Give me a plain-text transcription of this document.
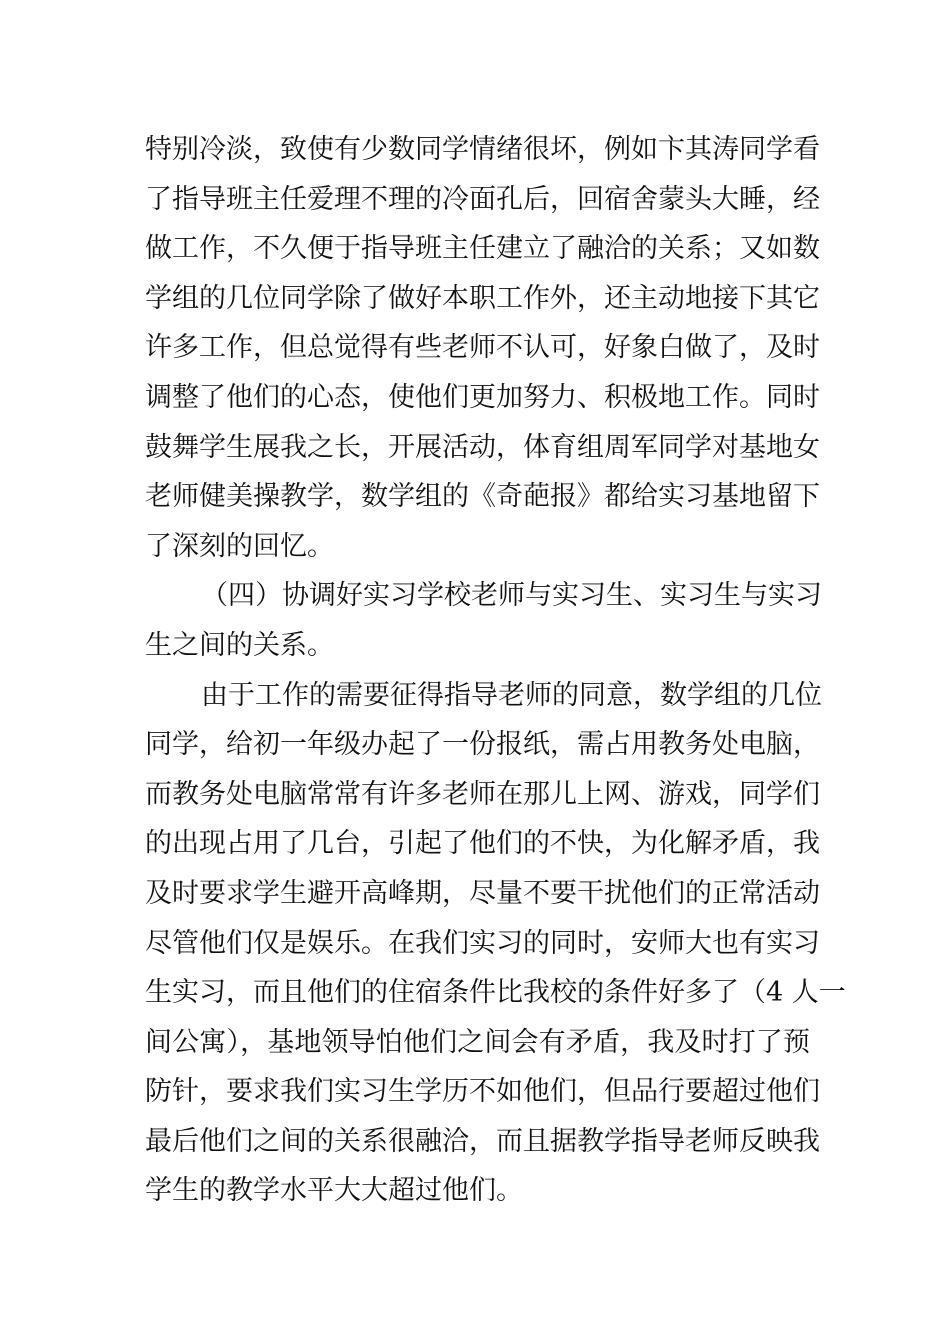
特别冷淡，致使有少数同学情绪很坏，例如卞其涛同学看
了指导班主任爱理不理的冷面孔后，回宿舍蒙头大睡，经
做工作，不久便于指导班主任建立了融洽的关系；又如数
学组的几位同学除了做好本职工作外，还主动地接下其它
许多工作，但总觉得有些老师不认可，好象白做了，及时
调整了他们的心态，使他们更加努力、积极地工作。同时
鼓舞学生展我之长，开展活动，体育组周军同学对基地女
老师健美操教学，数学组的《奇葩报》都给实习基地留下
了深刻的回忆。
（四）协调好实习学校老师与实习生、实习生与实习
生之间的关系。
由于工作的需要征得指导老师的同意，数学组的几位
同学，给初一年级办起了一份报纸，需占用教务处电脑，
而教务处电脑常常有许多老师在那儿上网、游戏，同学们
的出现占用了几台，引起了他们的不快，为化解矛盾，我
及时要求学生避开高峰期，尽量不要干扰他们的正常活动
尽管他们仅是娱乐。在我们实习的同时，安师大也有实习
生实习，而且他们的住宿条件比我校的条件好多了（4 人一
间公寓），基地领导怕他们之间会有矛盾，我及时打了预
防针，要求我们实习生学历不如他们，但品行要超过他们
最后他们之间的关系很融洽，而且据教学指导老师反映我
学生的教学水平大大超过他们。
